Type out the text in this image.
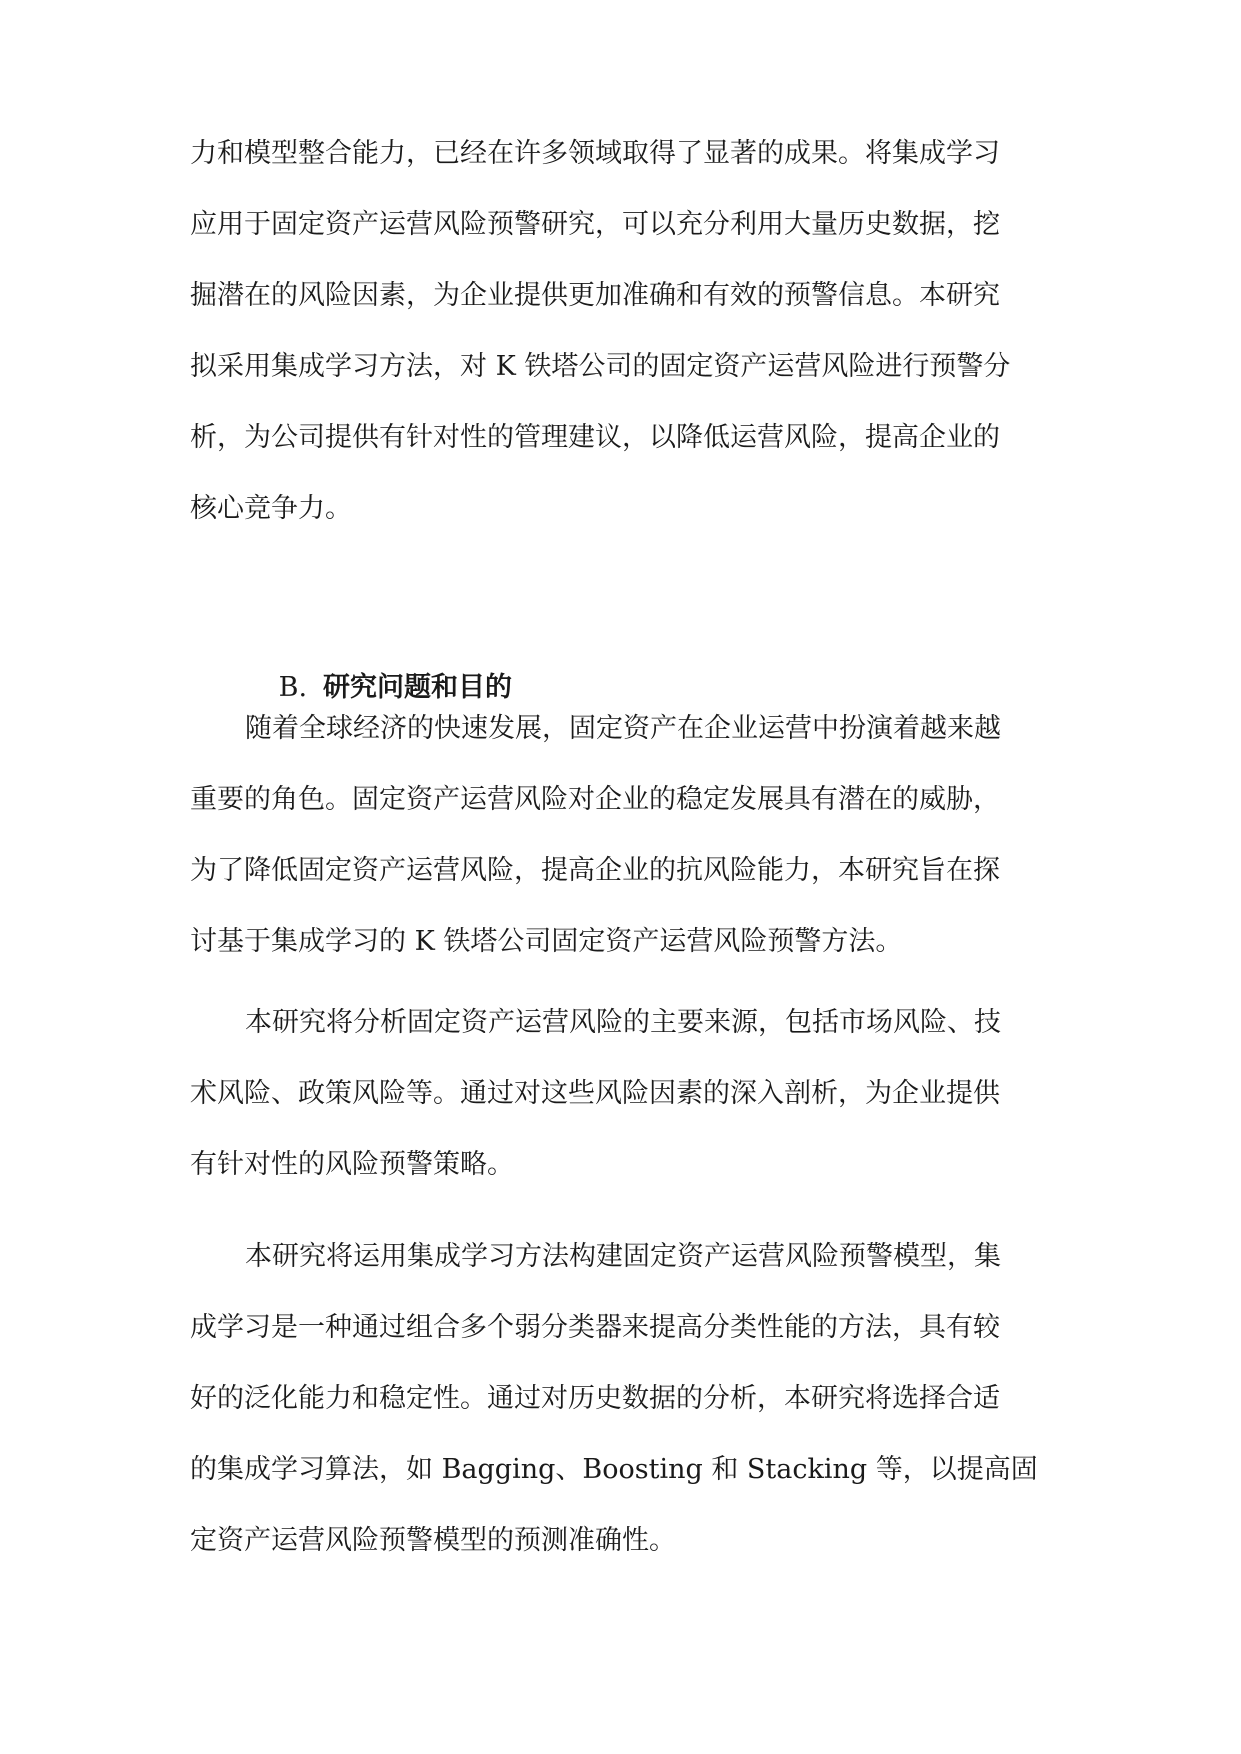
力和模型整合能力，已经在许多领域取得了显著的成果。将集成学习
应用于固定资产运营风险预警研究，可以充分利用大量历史数据，挖
掘潜在的风险因素，为企业提供更加准确和有效的预警信息。本研究
拟采用集成学习方法，对 K 铁塔公司的固定资产运营风险进行预警分
析，为公司提供有针对性的管理建议，以降低运营风险，提高企业的
核心竞争力。

B. 研究问题和目的

随着全球经济的快速发展，固定资产在企业运营中扮演着越来越
重要的角色。固定资产运营风险对企业的稳定发展具有潜在的威胁，
为了降低固定资产运营风险，提高企业的抗风险能力，本研究旨在探
讨基于集成学习的 K 铁塔公司固定资产运营风险预警方法。
本研究将分析固定资产运营风险的主要来源，包括市场风险、技
术风险、政策风险等。通过对这些风险因素的深入剖析，为企业提供
有针对性的风险预警策略。
本研究将运用集成学习方法构建固定资产运营风险预警模型，集
成学习是一种通过组合多个弱分类器来提高分类性能的方法，具有较
好的泛化能力和稳定性。通过对历史数据的分析，本研究将选择合适
的集成学习算法，如 Bagging、Boosting 和 Stacking 等，以提高固
定资产运营风险预警模型的预测准确性。
